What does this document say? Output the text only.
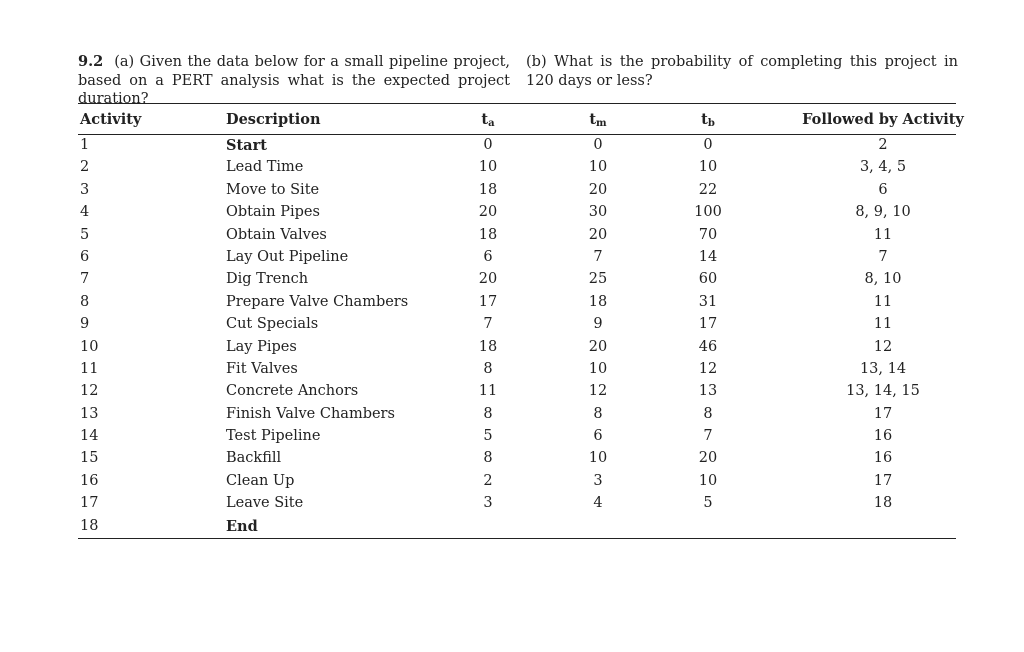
9.2 (a) Given the data below for a small pipeline project, based on a PERT analysis what is the expected project duration?
(b) What is the probability of completing this project in 120 days or less?
Activity	Description	$t_a$	$t_m$	$t_b$	Followed by Activity
1	Start	0	0	0	2
2	Lead Time	10	10	10	3, 4, 5
3	Move to Site	18	20	22	6
4	Obtain Pipes	20	30	100	8, 9, 10
5	Obtain Valves	18	20	70	11
6	Lay Out Pipeline	6	7	14	7
7	Dig Trench	20	25	60	8, 10
8	Prepare Valve Chambers	17	18	31	11
9	Cut Specials	7	9	17	11
10	Lay Pipes	18	20	46	12
11	Fit Valves	8	10	12	13, 14
12	Concrete Anchors	11	12	13	13, 14, 15
13	Finish Valve Chambers	8	8	8	17
14	Test Pipeline	5	6	7	16
15	Backfill	8	10	20	16
16	Clean Up	2	3	10	17
17	Leave Site	3	4	5	18
18	End
